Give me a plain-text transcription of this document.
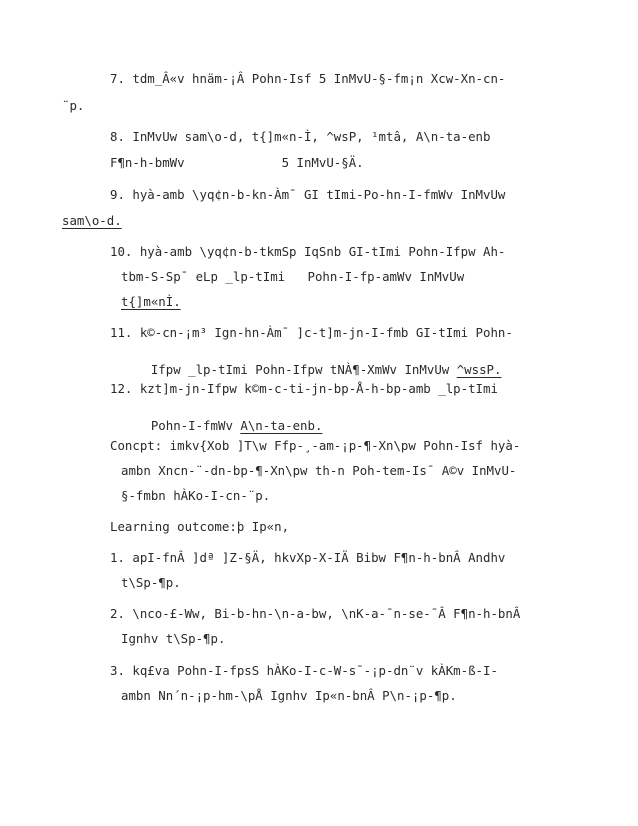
7. tdm_Â«v hnäm-¡Â Pohn-Isf 5 InMvU-§-fm¡n Xcw-Xn-cn-
¨p.
8. InMvUw sam\o-d, t{]m«n-Ì, ^wsP, ¹mtâ, A\n-ta-enb
F¶n-h-bmWv             5 InMvU-§Ä.
9. hyà-amb \yq¢n-b-kn-Àm¯ GI tImi-Po-hn-I-fmWv InMvUw
sam\o-d.
10. hyà-amb \yq¢n-b-tkmSp IqSnb GI-tImi Pohn-Ifpw Ah-
tbm-S-Sp¯ eLp _lp-tImi   Pohn-I-fp-amWv InMvUw
t{]m«nÌ.
11. k©-cn-¡m³ Ign-hn-Àm¯ ]c-t]m-jn-I-fmb GI-tImi Pohn-

Ifpw _lp-tImi Pohn-Ifpw tNÀ¶-XmWv InMvUw ^wssP.

12. kzt]m-jn-Ifpw k©m-c-ti-jn-bp-Å-h-bp-amb _lp-tImi

Pohn-I-fmWv A\n-ta-enb.

Concpt: imkv{Xob ]T\w Ffp-¸-am-¡p-¶-Xn\pw Pohn-Isf hyà-
ambn Xncn-¨-dn-bp-¶-Xn\pw th-n Poh-tem-Is¯ A©v InMvU-
§-fmbn hÀKo-I-cn-¨p.
Learning outcome:þ Ip«n,
1. apI-fnÂ ]dª ]Z-§Ä, hkvXp-X-IÄ Bibw F¶n-h-bnÂ Andhv
t\Sp-¶p.
2. \nco-£-Ww, Bi-b-hn-\n-a-bw, \nK-a-¯n-se-¯Â F¶n-h-bnÂ
Ignhv t\Sp-¶p.
3. kq£va Pohn-I-fpsS hÀKo-I-c-W-s¯-¡p-dn¨v kÀKm-ß-I-
ambn Nn´n-¡p-hm-\pÅ Ignhv Ip«n-bnÂ P\n-¡p-¶p.
